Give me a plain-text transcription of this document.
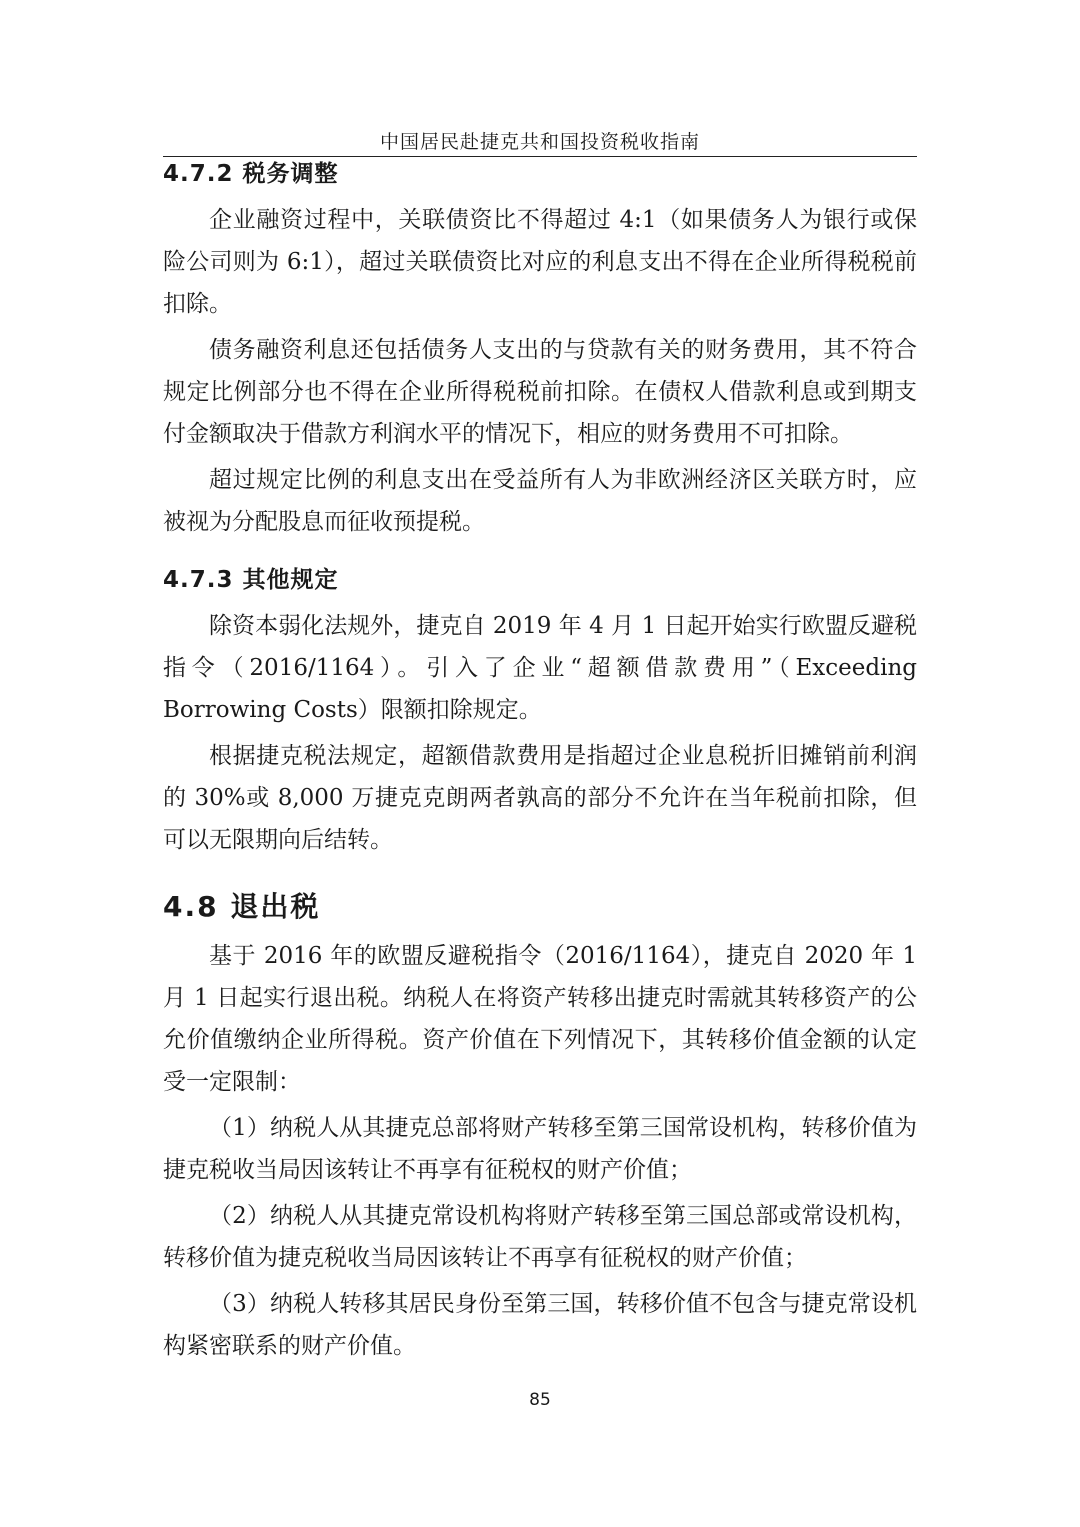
中国居民赴捷克共和国投资税收指南
4.7.2 税务调整

企业融资过程中，关联债资比不得超过 4:1（如果债务人为银行或保险公司则为 6:1），超过关联债资比对应的利息支出不得在企业所得税税前扣除。

债务融资利息还包括债务人支出的与贷款有关的财务费用，其不符合规定比例部分也不得在企业所得税税前扣除。在债权人借款利息或到期支付金额取决于借款方利润水平的情况下，相应的财务费用不可扣除。

超过规定比例的利息支出在受益所有人为非欧洲经济区关联方时，应被视为分配股息而征收预提税。

4.7.3 其他规定

除资本弱化法规外，捷克自 2019 年 4 月 1 日起开始实行欧盟反避税指令（2016/1164）。引入了企业“超额借款费用”（Exceeding Borrowing Costs）限额扣除规定。

根据捷克税法规定，超额借款费用是指超过企业息税折旧摊销前利润的 30%或 8,000 万捷克克朗两者孰高的部分不允许在当年税前扣除，但可以无限期向后结转。

4.8 退出税

基于 2016 年的欧盟反避税指令（2016/1164），捷克自 2020 年 1 月 1 日起实行退出税。纳税人在将资产转移出捷克时需就其转移资产的公允价值缴纳企业所得税。资产价值在下列情况下，其转移价值金额的认定受一定限制：

（1）纳税人从其捷克总部将财产转移至第三国常设机构，转移价值为捷克税收当局因该转让不再享有征税权的财产价值；

（2）纳税人从其捷克常设机构将财产转移至第三国总部或常设机构，转移价值为捷克税收当局因该转让不再享有征税权的财产价值；

（3）纳税人转移其居民身份至第三国，转移价值不包含与捷克常设机构紧密联系的财产价值。

85
